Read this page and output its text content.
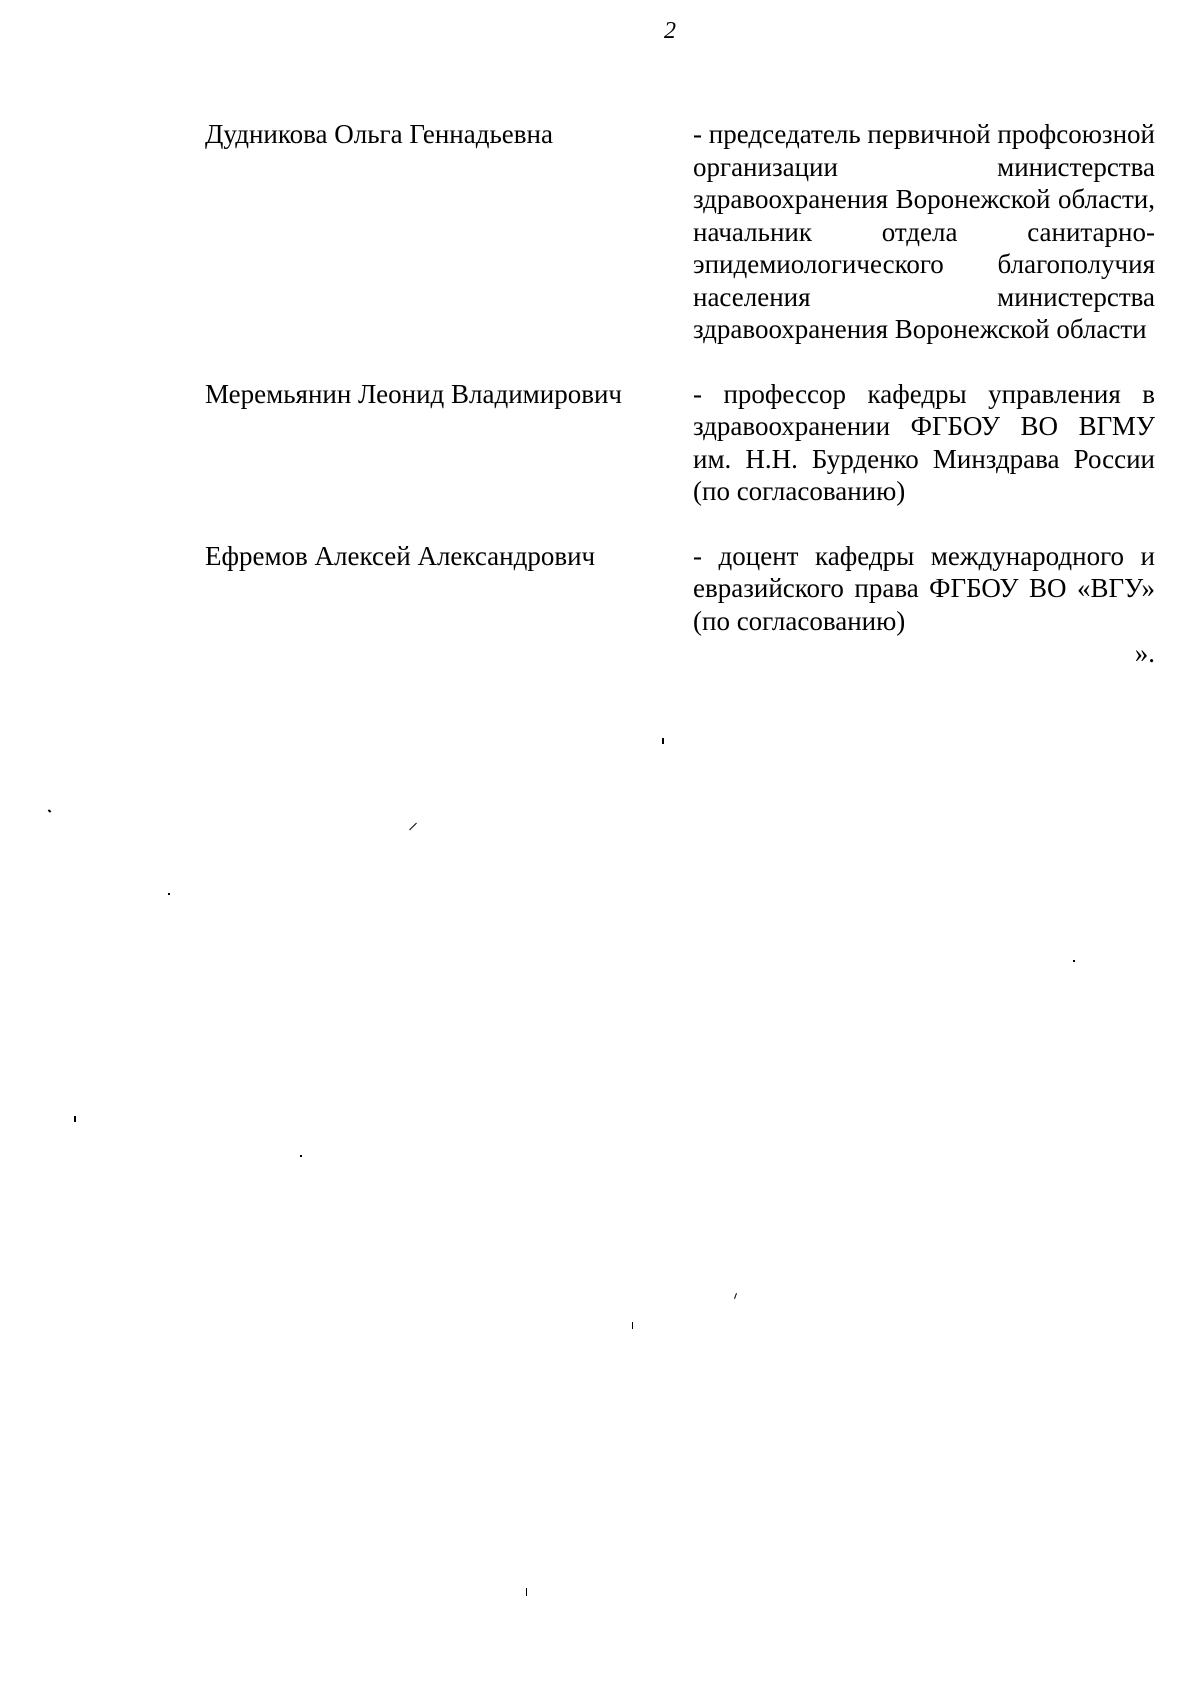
2
Дудникова Ольга Геннадьевна	- председатель первичной профсоюзной организации министерства здравоохранения Воронежской области, начальник отдела санитарно-эпидемиологического благополучия населения министерства здравоохранения Воронежской области
Меремьянин Леонид Владимирович	- профессор кафедры управления в здравоохранении ФГБОУ ВО ВГМУ им. Н.Н. Бурденко Минздрава России (по согласованию)
Ефремов Алексей Александрович	- доцент кафедры международного и евразийского права ФГБОУ ВО «ВГУ» (по согласованию)
».
